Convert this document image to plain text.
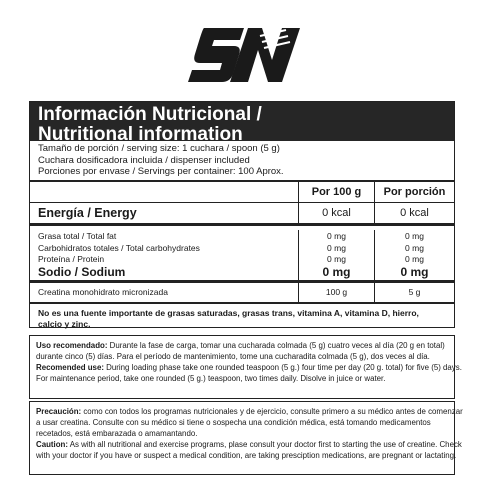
Información Nutricional /
Nutritional information
Tamaño de porción / serving size: 1 cuchara / spoon (5 g)
Cuchara dosificadora incluida / dispenser included
Porciones por envase / Servings per container: 100 Aprox.
Por 100 g	Por porción
Energía / Energy	0 kcal	0 kcal
Grasa total / Total fat	0 mg	0 mg
Carbohidratos totales / Total carbohydrates	0 mg	0 mg
Proteína / Protein	0 mg	0 mg
Sodio / Sodium	0 mg	0 mg
Creatina monohidrato micronizada	100 g	5 g
No es una fuente importante de grasas saturadas, grasas trans, vitamina A, vitamina D, hierro,
calcio y zinc.
Uso recomendado: Durante la fase de carga, tomar una cucharada colmada (5 g) cuatro veces al día (20 g en total)
durante cinco (5) días. Para el período de mantenimiento, tome una cucharadita colmada (5 g), dos veces al día.
Recomended use: During loading phase take one rounded teaspoon (5 g.) four time per day (20 g. total) for five (5) days.
For maintenance period, take one rounded (5 g.) teaspoon, two times daily. Disolve in juice or water.
Precaución: como con todos los programas nutricionales y de ejercicio, consulte primero a su médico antes de comenzar
a usar creatina. Consulte con su médico si tiene o sospecha una condición médica, está tomando medicamentos
recetados, está embarazada o amamantando.
Caution: As with all nutritional and exercise programs, plase consult your doctor first to starting the use of creatine. Check
with your doctor if you have or suspect a medical condition, are taking presciption medications, are pregnant or lactating.
